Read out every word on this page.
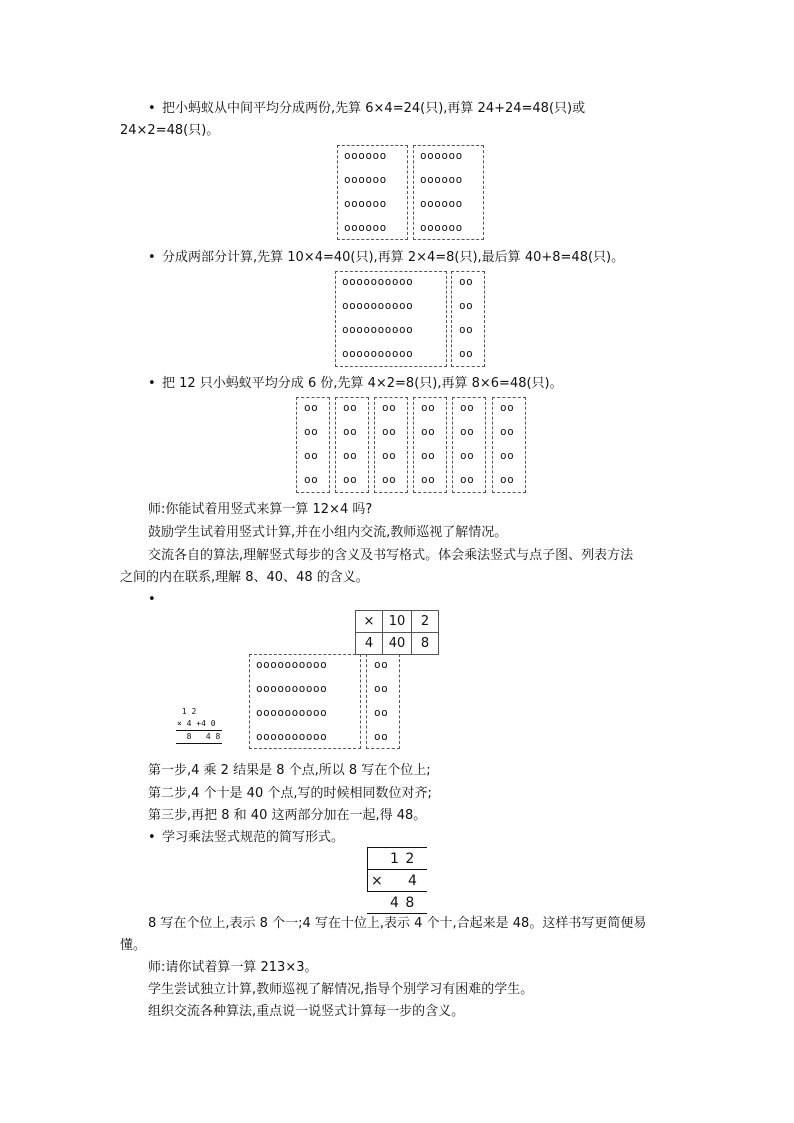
• 把小蚂蚁从中间平均分成两份,先算 6×4=24(只),再算 24+24=48(只)或
24×2=48(只)。
oooooo
oooooo
oooooo
oooooo
oooooo
oooooo
oooooo
oooooo
• 分成两部分计算,先算 10×4=40(只),再算 2×4=8(只),最后算 40+8=48(只)。
oooooooooo
oooooooooo
oooooooooo
oooooooooo
oo
oo
oo
oo
• 把 12 只小蚂蚁平均分成 6 份,先算 4×2=8(只),再算 8×6=48(只)。
oo
oo
oo
oo
oo
oo
oo
oo
oo
oo
oo
oo
oo
oo
oo
oo
oo
oo
oo
oo
oo
oo
oo
oo
师:你能试着用竖式来算一算 12×4 吗?
鼓励学生试着用竖式计算,并在小组内交流,教师巡视了解情况。
交流各自的算法,理解竖式每步的含义及书写格式。体会乘法竖式与点子图、列表方法
之间的内在联系,理解 8、40、48 的含义。
•
×	10	2
4	40	8
oooooooooo
oooooooooo
oooooooooo
oooooooooo
oo
oo
oo
oo
1 2
× 4 +4 0
8   4 8
第一步,4 乘 2 结果是 8 个点,所以 8 写在个位上;
第二步,4 个十是 40 个点,写的时候相同数位对齐;
第三步,再把 8 和 40 这两部分加在一起,得 48。
• 学习乘法竖式规范的简写形式。
1 2
× 4
4 8
8 写在个位上,表示 8 个一;4 写在十位上,表示 4 个十,合起来是 48。这样书写更简便易
懂。
师:请你试着算一算 213×3。
学生尝试独立计算,教师巡视了解情况,指导个别学习有困难的学生。
组织交流各种算法,重点说一说竖式计算每一步的含义。
